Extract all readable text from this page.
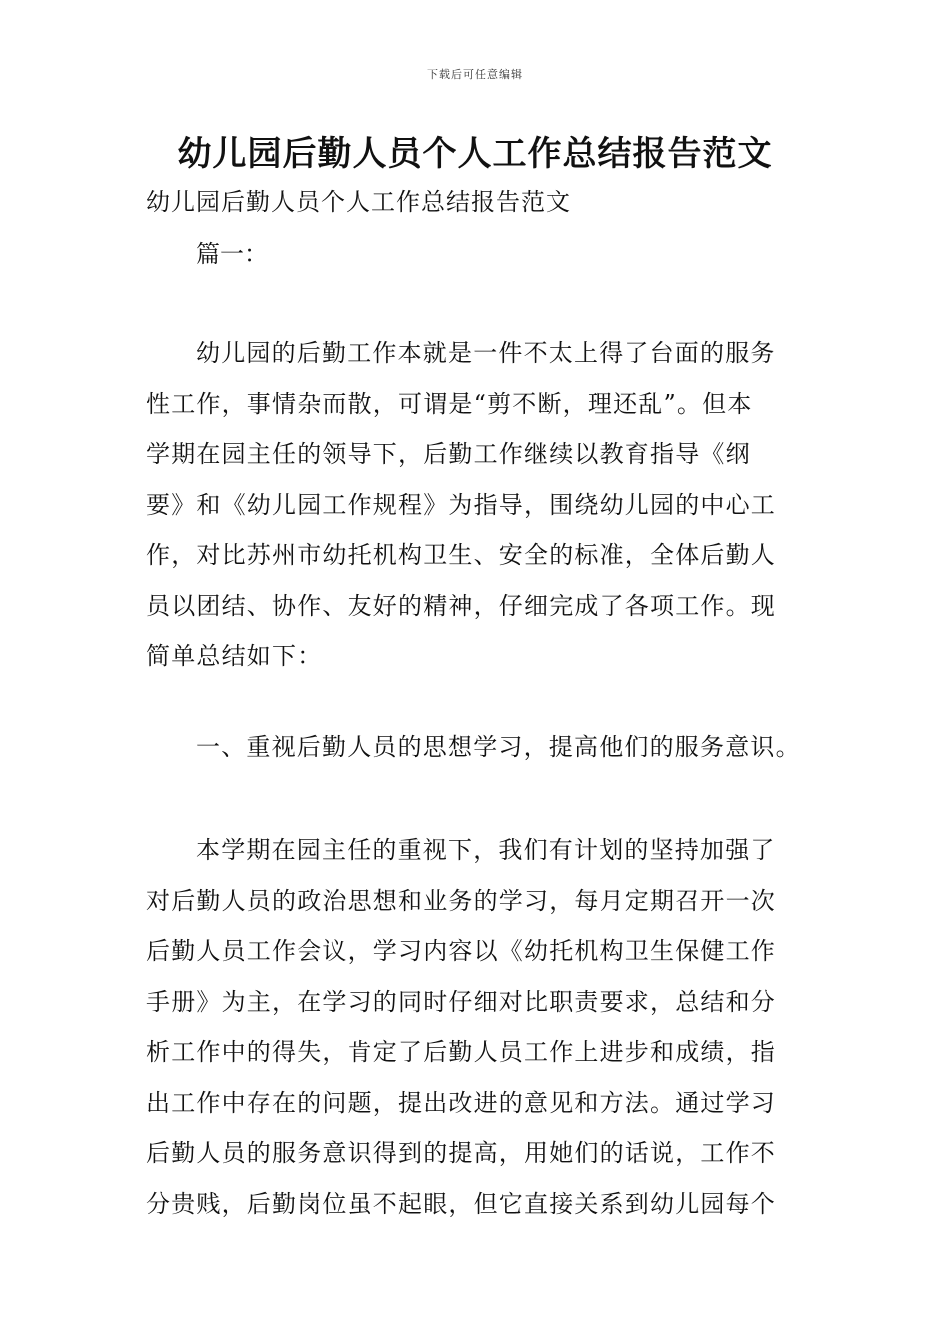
下载后可任意编辑
幼儿园后勤人员个人工作总结报告范文

幼儿园后勤人员个人工作总结报告范文

篇一：

幼儿园的后勤工作本就是一件不太上得了台面的服务
性工作，事情杂而散，可谓是“剪不断，理还乱”。但本
学期在园主任的领导下，后勤工作继续以教育指导《纲
要》和《幼儿园工作规程》为指导，围绕幼儿园的中心工
作，对比苏州市幼托机构卫生、安全的标准，全体后勤人
员以团结、协作、友好的精神，仔细完成了各项工作。现
简单总结如下：

一、重视后勤人员的思想学习，提高他们的服务意识。

本学期在园主任的重视下，我们有计划的坚持加强了
对后勤人员的政治思想和业务的学习，每月定期召开一次
后勤人员工作会议，学习内容以《幼托机构卫生保健工作
手册》为主，在学习的同时仔细对比职责要求，总结和分
析工作中的得失，肯定了后勤人员工作上进步和成绩，指
出工作中存在的问题，提出改进的意见和方法。通过学习
后勤人员的服务意识得到的提高，用她们的话说，工作不
分贵贱，后勤岗位虽不起眼，但它直接关系到幼儿园每个
